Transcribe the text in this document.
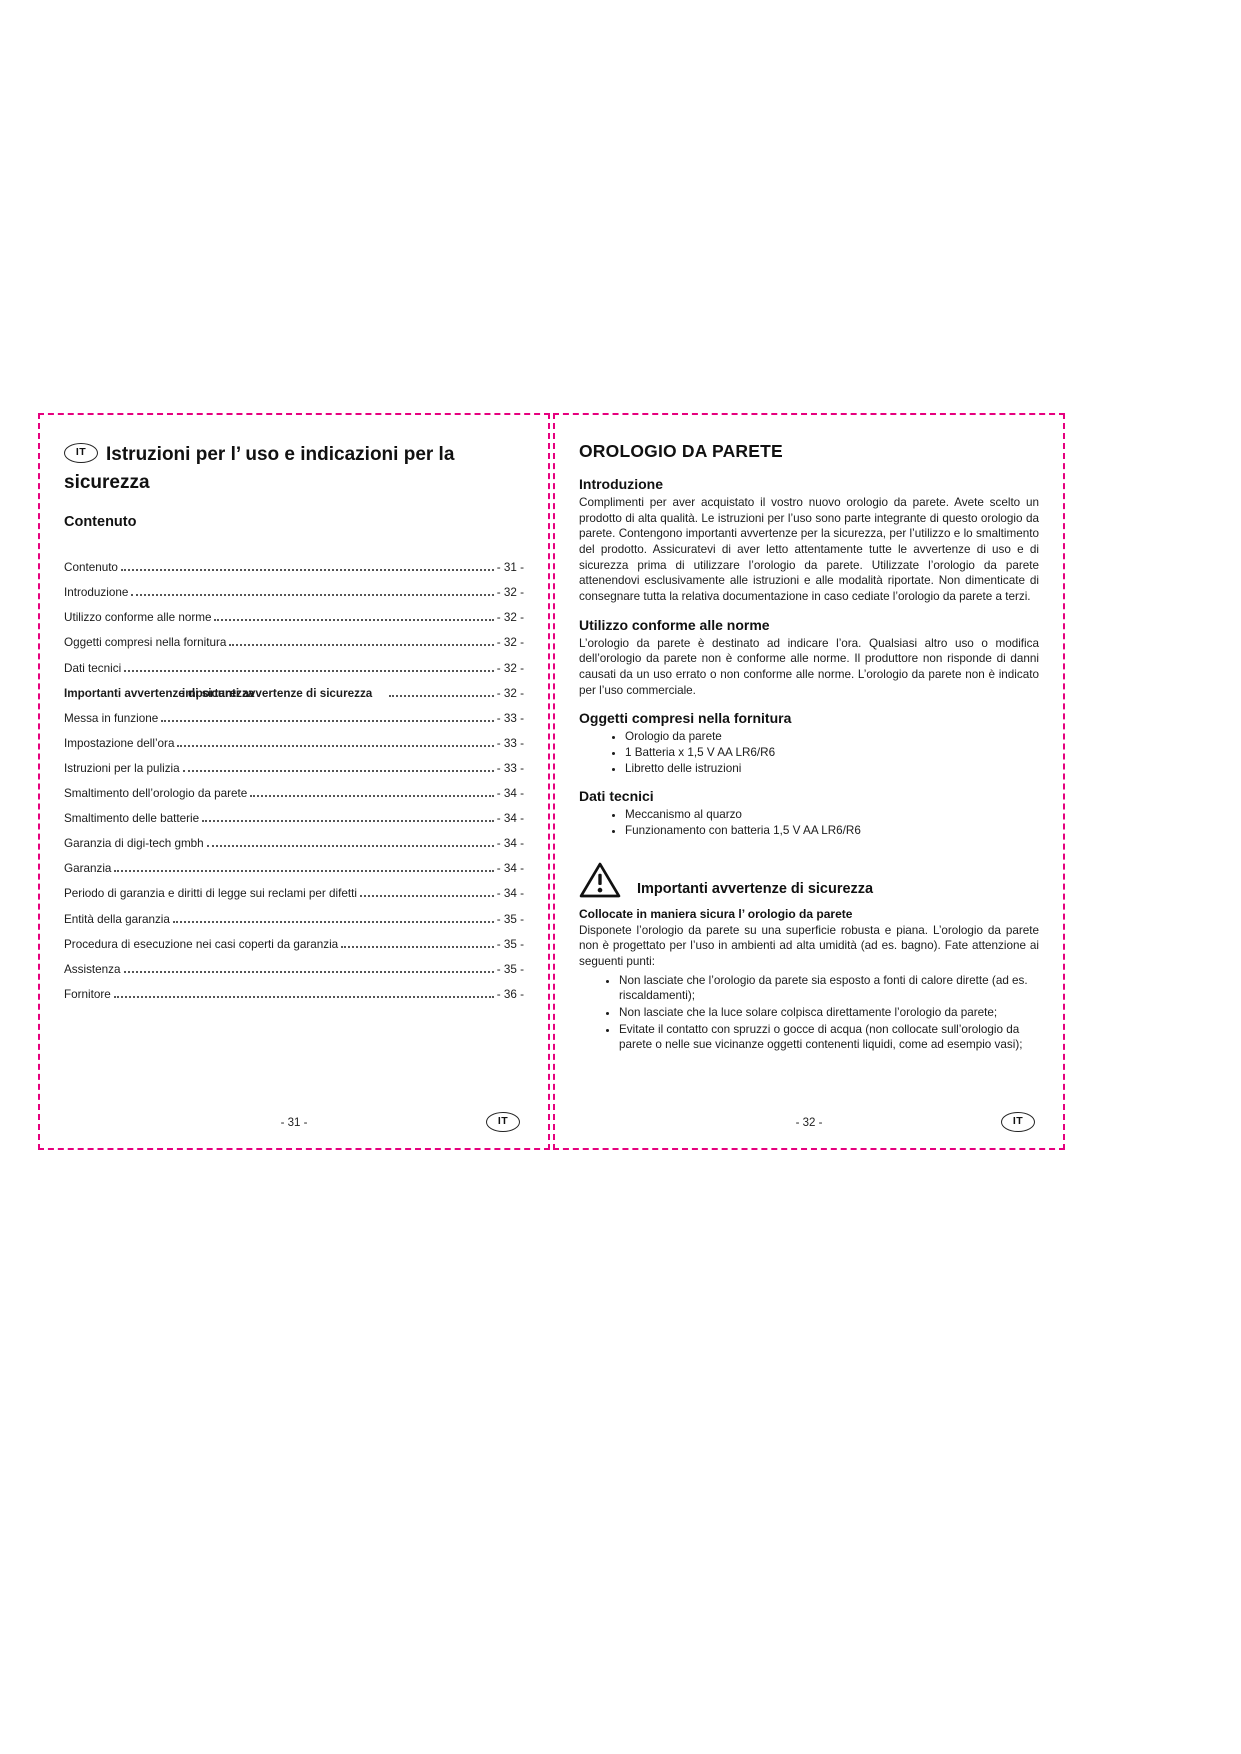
IT Istruzioni per l’ uso e indicazioni per la sicurezza
Contenuto
Contenuto	- 31 -
Introduzione	- 32 -
Utilizzo conforme alle norme	- 32 -
Oggetti compresi nella fornitura	- 32 -
Dati tecnici	- 32 -
Importanti avvertenze di sicurezza importanti avvertenze di sicurezza	- 32 -
Messa in funzione	- 33 -
Impostazione dell’ora	- 33 -
Istruzioni per la pulizia	- 33 -
Smaltimento dell’orologio da parete	- 34 -
Smaltimento delle batterie	- 34 -
Garanzia di digi-tech gmbh	- 34 -
Garanzia	- 34 -
Periodo di garanzia e diritti di legge sui reclami per difetti	- 34 -
Entità della garanzia	- 35 -
Procedura di esecuzione nei casi coperti da garanzia	- 35 -
Assistenza	- 35 -
Fornitore	- 36 -
- 31 -	IT
OROLOGIO DA PARETE
Introduzione

Complimenti per aver acquistato il vostro nuovo orologio da parete. Avete scelto un prodotto di alta qualità. Le istruzioni per l’uso sono parte integrante di questo orologio da parete. Contengono importanti avvertenze per la sicurezza, per l’utilizzo e lo smaltimento del prodotto. Assicuratevi di aver letto attentamente tutte le avvertenze di uso e di sicurezza prima di utilizzare l’orologio da parete. Utilizzate l’orologio da parete attenendovi esclusivamente alle istruzioni e alle modalità riportate. Non dimenticate di consegnare tutta la relativa documentazione in caso cediate l’orologio da parete a terzi.

Utilizzo conforme alle norme

L’orologio da parete è destinato ad indicare l’ora. Qualsiasi altro uso o modifica dell’orologio da parete non è conforme alle norme. Il produttore non risponde di danni causati da un uso errato o non conforme alle norme. L’orologio da parete non è indicato per l’uso commerciale.

Oggetti compresi nella fornitura
• Orologio da parete
• 1 Batteria x 1,5 V AA LR6/R6
• Libretto delle istruzioni
Dati tecnici
• Meccanismo al quarzo
• Funzionamento con batteria 1,5 V AA LR6/R6
Importanti avvertenze di sicurezza
Collocate in maniera sicura l’ orologio da parete

Disponete l’orologio da parete su una superficie robusta e piana. L’orologio da parete non è progettato per l’uso in ambienti ad alta umidità (ad es. bagno). Fate attenzione ai seguenti punti:

• Non lasciate che l’orologio da parete sia esposto a fonti di calore dirette (ad es. riscaldamenti);
• Non lasciate che la luce solare colpisca direttamente l’orologio da parete;
• Evitate il contatto con spruzzi o gocce di acqua (non collocate sull’orologio da parete o nelle sue vicinanze oggetti contenenti liquidi, come ad esempio vasi);
- 32 -	IT
